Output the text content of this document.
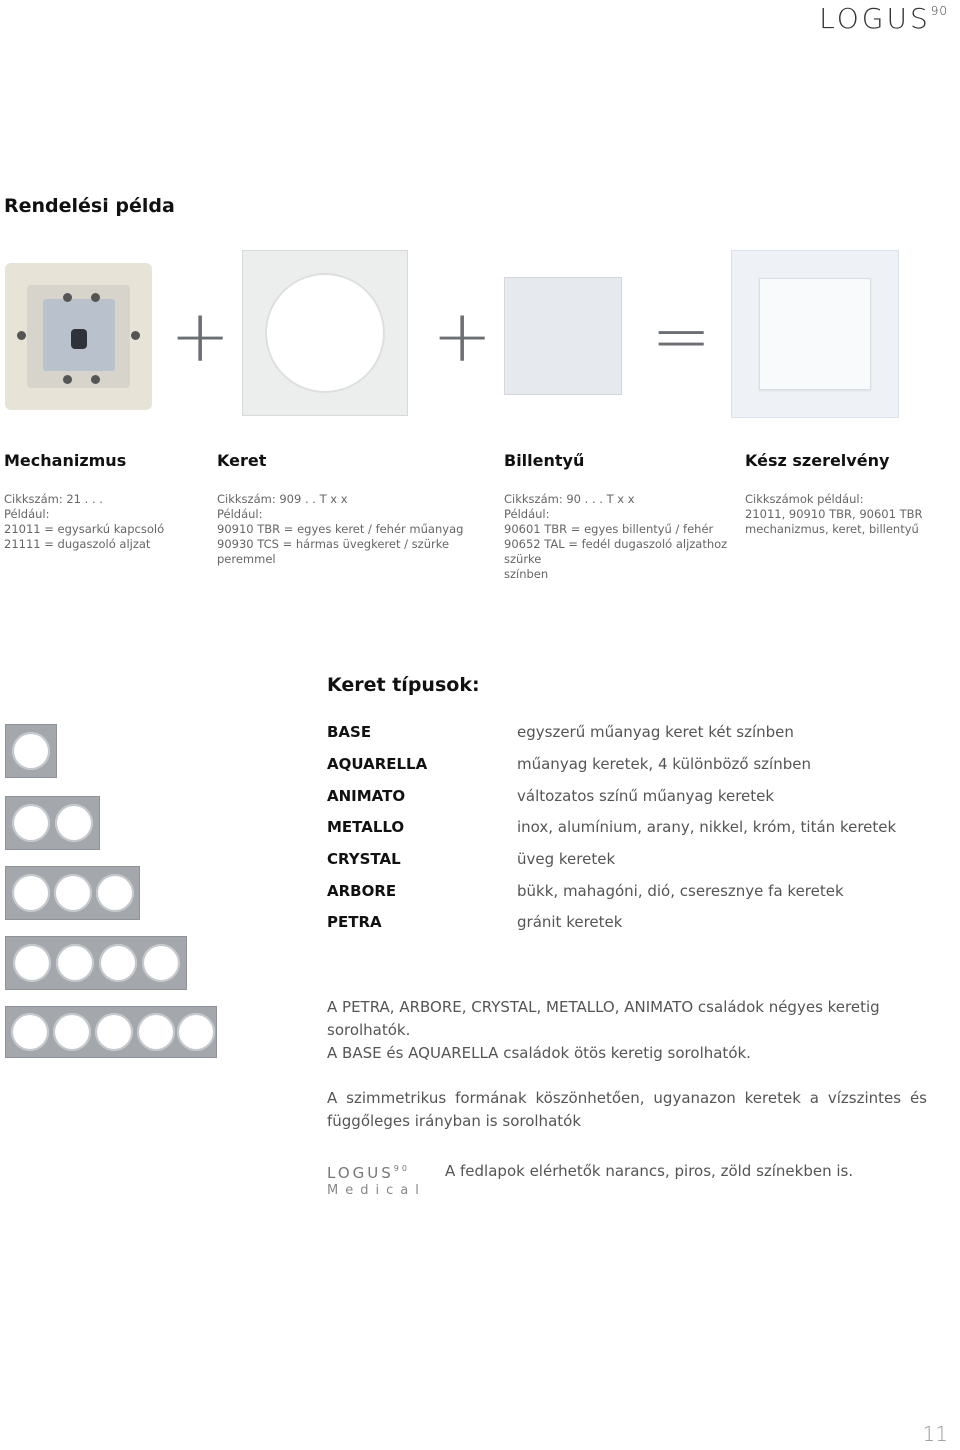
LOGUS$^{90}$
Rendelési példa
+	+ =
Mechanizmus	Keret	Billentyű	Kész szerelvény
Cikkszám: 21 . . .
Például:
21011 = egysarkú kapcsoló
21111 = dugaszoló aljzat
Cikkszám: 909 . . T x x
Például:
90910 TBR = egyes keret / fehér műanyag
90930 TCS = hármas üvegkeret / szürke peremmel
Cikkszám: 90 . . . T x x
Például:
90601 TBR = egyes billentyű / fehér
90652 TAL = fedél dugaszoló aljzathoz szürke
színben
Cikkszámok például:
21011, 90910 TBR, 90601 TBR
mechanizmus, keret, billentyű
Keret típusok:
BASE	egyszerű műanyag keret két színben
AQUARELLA	műanyag keretek, 4 különböző színben
ANIMATO	változatos színű műanyag keretek
METALLO	inox, alumínium, arany, nikkel, króm, titán keretek
CRYSTAL	üveg keretek
ARBORE	bükk, mahagóni, dió, cseresznye fa keretek
PETRA	gránit keretek
A PETRA, ARBORE, CRYSTAL, METALLO, ANIMATO családok négyes keretig
sorolhatók.
A BASE és AQUARELLA családok ötös keretig sorolhatók.
A szimmetrikus formának köszönhetően, ugyanazon keretek a vízszintes és
függőleges irányban is sorolhatók
LOGUS$^{90}$
Medical
A fedlapok elérhetők narancs, piros, zöld színekben is.
11
